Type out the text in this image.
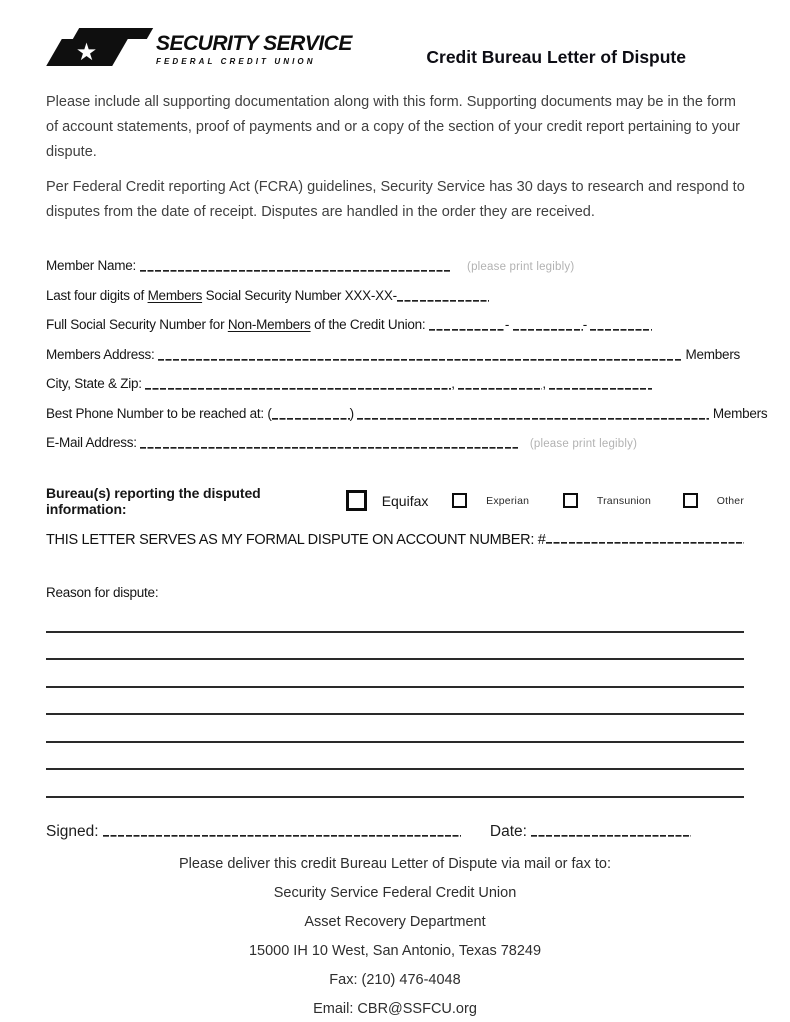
★	SECURITY SERVICE
FEDERAL CREDIT UNION	Credit Bureau Letter of Dispute

Please include all supporting documentation along with this form. Supporting documents may be in the form of account statements, proof of payments and or a copy of the section of your credit report pertaining to your dispute.

Per Federal Credit reporting Act (FCRA) guidelines, Security Service has 30 days to research and respond to disputes from the date of receipt. Disputes are handled in the order they are received.

Member Name:	(please print legibly)
Last four digits of Members Social Security Number XXX-XX-
Full Social Security Number for Non-Members of the Credit Union:	-	-
Members Address:	Members
City, State & Zip:	,	,
Best Phone Number to be reached at: (	)	Members
E-Mail Address:	(please print legibly)
Bureau(s) reporting the disputed information:	Equifax	Experian	Transunion	Other
THIS LETTER SERVES AS MY FORMAL DISPUTE ON ACCOUNT NUMBER: #
Reason for dispute:
Signed:	Date:
Please deliver this credit Bureau Letter of Dispute via mail or fax to:
Security Service Federal Credit Union
Asset Recovery Department
15000 IH 10 West, San Antonio, Texas 78249
Fax: (210) 476-4048
Email: CBR@SSFCU.org
